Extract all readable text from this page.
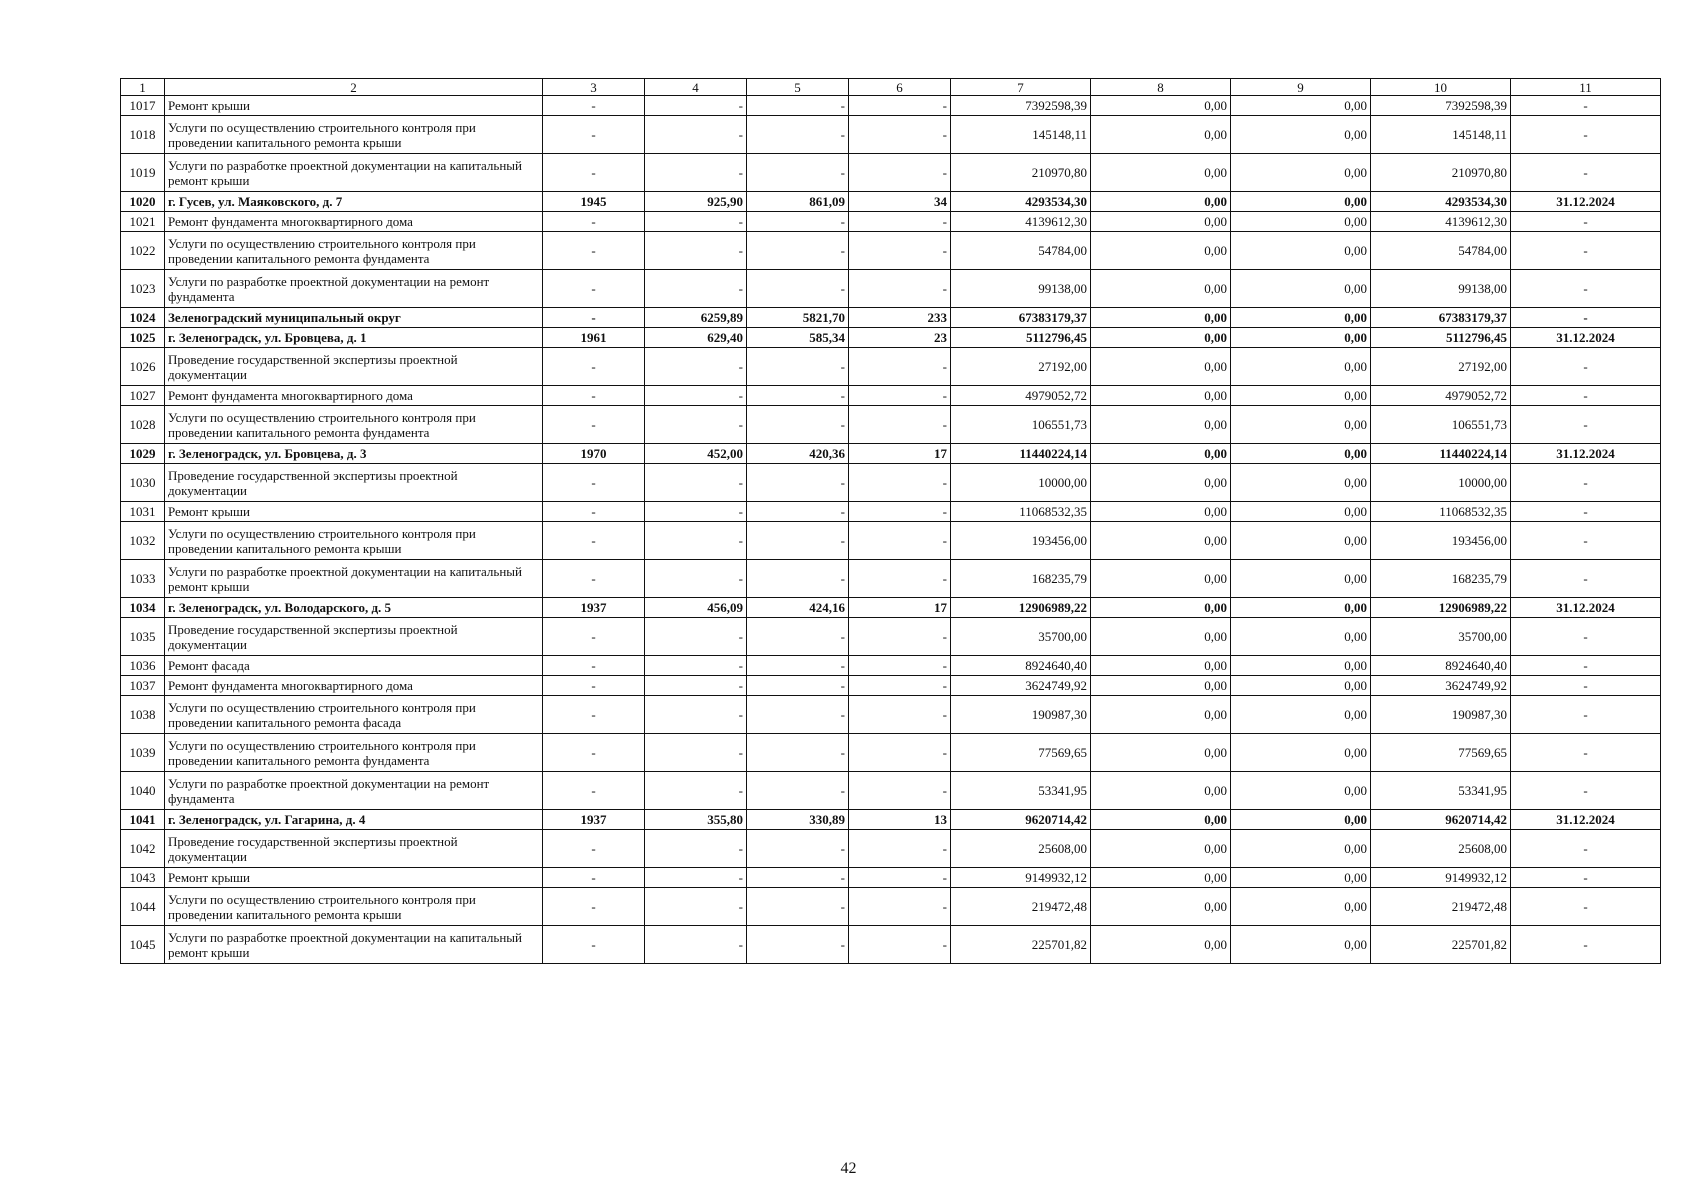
1	2	3	4	5	6	7	8	9	10	11
1017	Ремонт крыши	-	-	-	-	7392598,39	0,00	0,00	7392598,39	-
1018	Услуги по осуществлению строительного контроля при проведении капитального ремонта крыши	-	-	-	-	145148,11	0,00	0,00	145148,11	-
1019	Услуги по разработке проектной документации на капитальный ремонт крыши	-	-	-	-	210970,80	0,00	0,00	210970,80	-
1020	г. Гусев, ул. Маяковского, д. 7	1945	925,90	861,09	34	4293534,30	0,00	0,00	4293534,30	31.12.2024
1021	Ремонт фундамента многоквартирного дома	-	-	-	-	4139612,30	0,00	0,00	4139612,30	-
1022	Услуги по осуществлению строительного контроля при проведении капитального ремонта фундамента	-	-	-	-	54784,00	0,00	0,00	54784,00	-
1023	Услуги по разработке проектной документации на ремонт фундамента	-	-	-	-	99138,00	0,00	0,00	99138,00	-
1024	Зеленоградский муниципальный округ	-	6259,89	5821,70	233	67383179,37	0,00	0,00	67383179,37	-
1025	г. Зеленоградск, ул. Бровцева, д. 1	1961	629,40	585,34	23	5112796,45	0,00	0,00	5112796,45	31.12.2024
1026	Проведение государственной экспертизы проектной документации	-	-	-	-	27192,00	0,00	0,00	27192,00	-
1027	Ремонт фундамента многоквартирного дома	-	-	-	-	4979052,72	0,00	0,00	4979052,72	-
1028	Услуги по осуществлению строительного контроля при проведении капитального ремонта фундамента	-	-	-	-	106551,73	0,00	0,00	106551,73	-
1029	г. Зеленоградск, ул. Бровцева, д. 3	1970	452,00	420,36	17	11440224,14	0,00	0,00	11440224,14	31.12.2024
1030	Проведение государственной экспертизы проектной документации	-	-	-	-	10000,00	0,00	0,00	10000,00	-
1031	Ремонт крыши	-	-	-	-	11068532,35	0,00	0,00	11068532,35	-
1032	Услуги по осуществлению строительного контроля при проведении капитального ремонта крыши	-	-	-	-	193456,00	0,00	0,00	193456,00	-
1033	Услуги по разработке проектной документации на капитальный ремонт крыши	-	-	-	-	168235,79	0,00	0,00	168235,79	-
1034	г. Зеленоградск, ул. Володарского, д. 5	1937	456,09	424,16	17	12906989,22	0,00	0,00	12906989,22	31.12.2024
1035	Проведение государственной экспертизы проектной документации	-	-	-	-	35700,00	0,00	0,00	35700,00	-
1036	Ремонт фасада	-	-	-	-	8924640,40	0,00	0,00	8924640,40	-
1037	Ремонт фундамента многоквартирного дома	-	-	-	-	3624749,92	0,00	0,00	3624749,92	-
1038	Услуги по осуществлению строительного контроля при проведении капитального ремонта фасада	-	-	-	-	190987,30	0,00	0,00	190987,30	-
1039	Услуги по осуществлению строительного контроля при проведении капитального ремонта фундамента	-	-	-	-	77569,65	0,00	0,00	77569,65	-
1040	Услуги по разработке проектной документации на ремонт фундамента	-	-	-	-	53341,95	0,00	0,00	53341,95	-
1041	г. Зеленоградск, ул. Гагарина, д. 4	1937	355,80	330,89	13	9620714,42	0,00	0,00	9620714,42	31.12.2024
1042	Проведение государственной экспертизы проектной документации	-	-	-	-	25608,00	0,00	0,00	25608,00	-
1043	Ремонт крыши	-	-	-	-	9149932,12	0,00	0,00	9149932,12	-
1044	Услуги по осуществлению строительного контроля при проведении капитального ремонта крыши	-	-	-	-	219472,48	0,00	0,00	219472,48	-
1045	Услуги по разработке проектной документации на капитальный ремонт крыши	-	-	-	-	225701,82	0,00	0,00	225701,82	-
42
